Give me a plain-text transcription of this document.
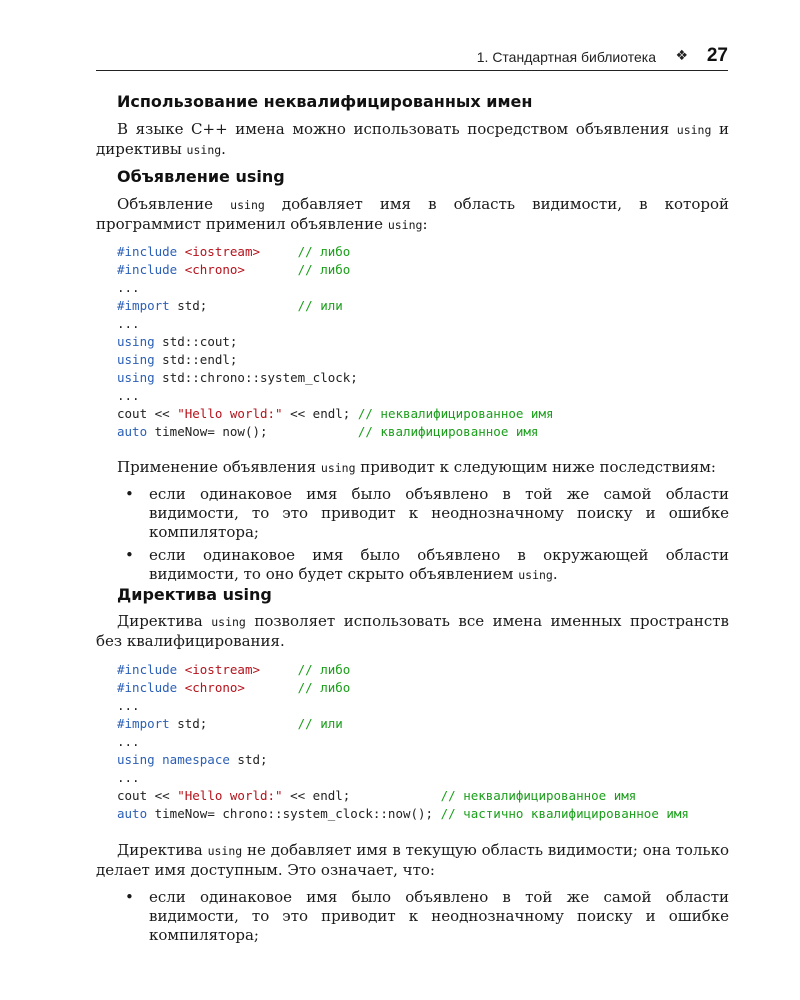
1. Стандартная библиотека ❖ 27
Использование неквалифицированных имен
В языке C++ имена можно использовать посредством объявления using и директивы using.
Объявление using
Объявление using добавляет имя в область видимости, в которой программист применил объявление using:
#include <iostream>	// либо
#include <chrono>	// либо
...
#import std;            // или
...
using std::cout;
using std::endl;
using std::chrono::system_clock;
...
cout << "Hello world:" << endl; // неквалифицированное имя
auto timeNow= now();            // квалифицированное имя
Применение объявления using приводит к следующим ниже последствиям:
• если одинаковое имя было объявлено в той же самой области видимости, то это приводит к неоднозначному поиску и ошибке компилятора;
• если одинаковое имя было объявлено в окружающей области видимости, то оно будет скрыто объявлением using.
Директива using
Директива using позволяет использовать все имена именных пространств без квалифицирования.
#include <iostream>	// либо
#include <chrono>	// либо
...
#import std;            // или
...
using namespace std;
...
cout << "Hello world:" << endl;            // неквалифицированное имя
auto timeNow= chrono::system_clock::now(); // частично квалифицированное имя
Директива using не добавляет имя в текущую область видимости; она только делает имя доступным. Это означает, что:
• если одинаковое имя было объявлено в той же самой области видимости, то это приводит к неоднозначному поиску и ошибке компилятора;
